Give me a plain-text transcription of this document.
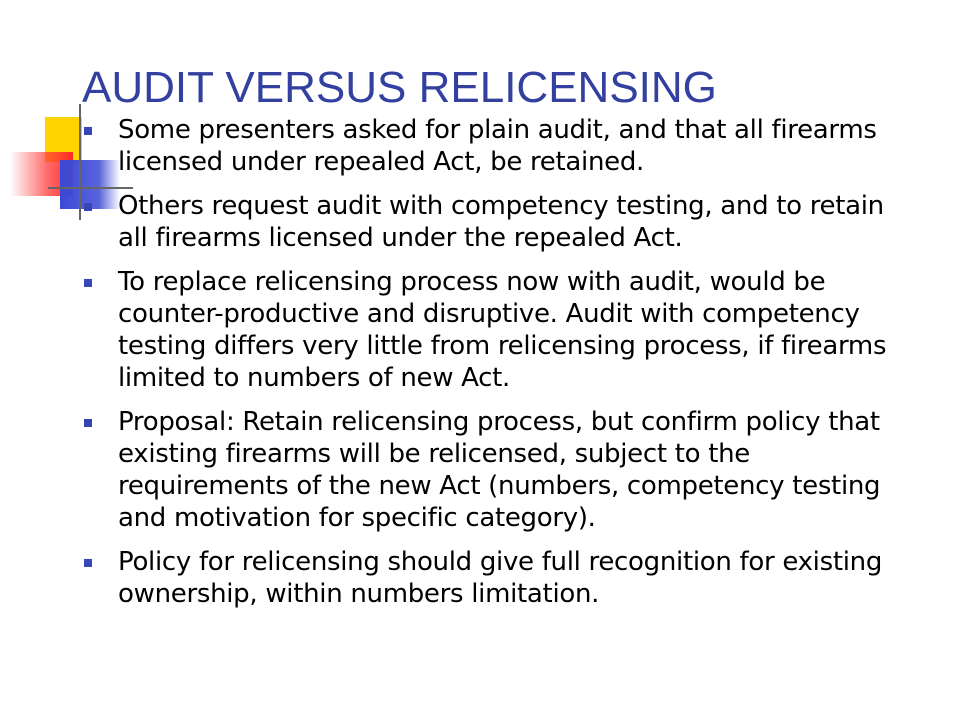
AUDIT VERSUS RELICENSING
Some presenters asked for plain audit, and that all firearms licensed under repealed Act, be retained.
Others request audit with competency testing, and to retain all firearms licensed under the repealed Act.
To replace relicensing process now with audit, would be counter-productive and disruptive. Audit with competency testing differs very little from relicensing process, if firearms limited to numbers of new Act.
Proposal: Retain relicensing process, but confirm policy that existing firearms will be relicensed, subject to the requirements of the new Act (numbers, competency testing and motivation for specific category).
Policy for relicensing should give full recognition for existing ownership, within numbers limitation.
